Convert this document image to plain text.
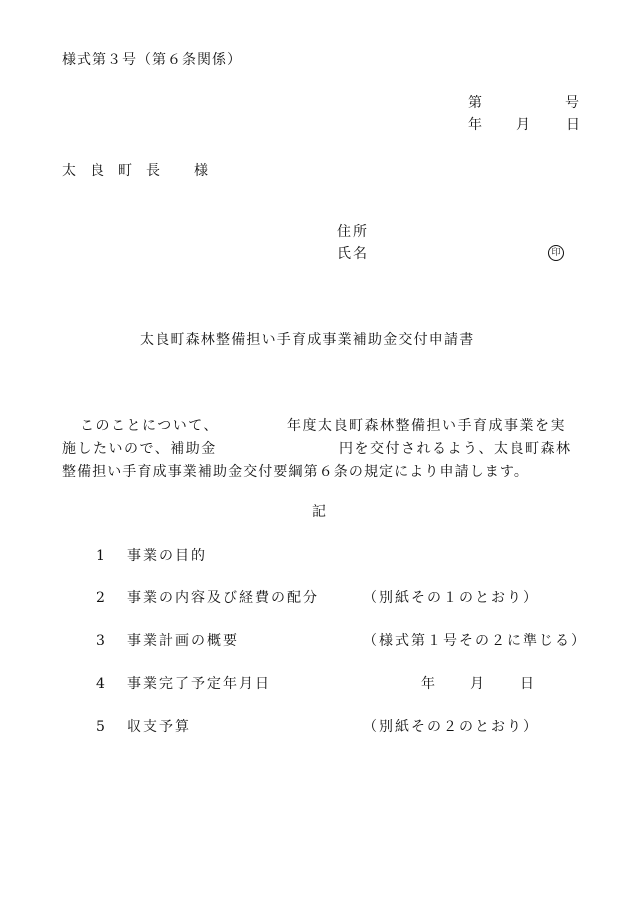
様式第３号（第６条関係）
第	号
年 月	日
太 良 町 長 様
住所
氏名	印
太良町森林整備担い手育成事業補助金交付申請書
このことについて、	年度太良町森林整備担い手育成事業を実
施したいので、補助金	円を交付されるよう、太良町森林
整備担い手育成事業補助金交付要綱第６条の規定により申請します。
記
1 事業の目的
2 事業の内容及び経費の配分	（別紙その１のとおり）
3 事業計画の概要	（様式第１号その２に準じる）
4 事業完了予定年月日	年	月	日
5 収支予算	（別紙その２のとおり）
